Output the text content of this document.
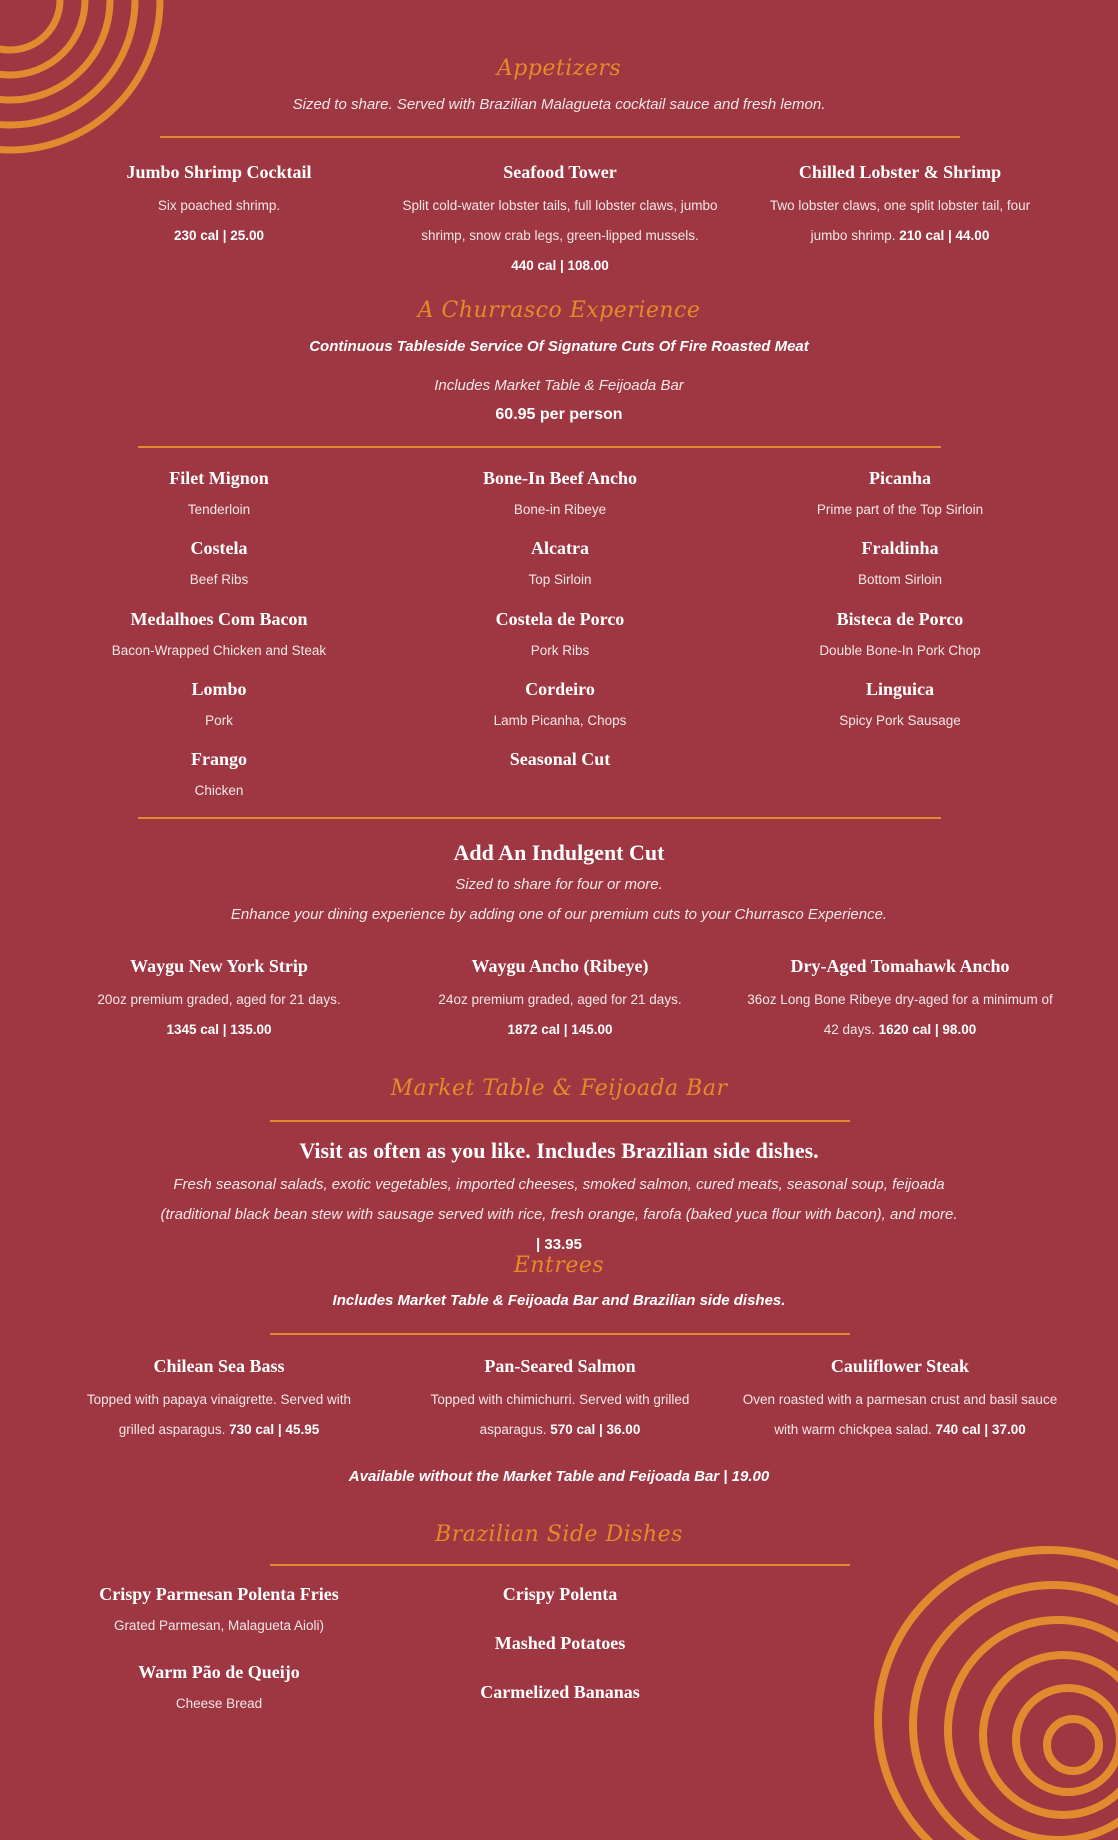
Appetizers
Sized to share. Served with Brazilian Malagueta cocktail sauce and fresh lemon.
Jumbo Shrimp Cocktail
Six poached shrimp.
230 cal | 25.00
Seafood Tower
Split cold-water lobster tails, full lobster claws, jumbo shrimp, snow crab legs, green-lipped mussels.
440 cal | 108.00
Chilled Lobster & Shrimp
Two lobster claws, one split lobster tail, four jumbo shrimp. 210 cal | 44.00
A Churrasco Experience
Continuous Tableside Service Of Signature Cuts Of Fire Roasted Meat
Includes Market Table & Feijoada Bar
60.95 per person
Filet Mignon
Tenderloin
Bone-In Beef Ancho
Bone-in Ribeye
Picanha
Prime part of the Top Sirloin
Costela
Beef Ribs
Alcatra
Top Sirloin
Fraldinha
Bottom Sirloin
Medalhoes Com Bacon
Bacon-Wrapped Chicken and Steak
Costela de Porco
Pork Ribs
Bisteca de Porco
Double Bone-In Pork Chop
Lombo
Pork
Cordeiro
Lamb Picanha, Chops
Linguica
Spicy Pork Sausage
Frango
Chicken
Seasonal Cut
Add An Indulgent Cut
Sized to share for four or more.
Enhance your dining experience by adding one of our premium cuts to your Churrasco Experience.
Waygu New York Strip
20oz premium graded, aged for 21 days.
1345 cal | 135.00
Waygu Ancho (Ribeye)
24oz premium graded, aged for 21 days.
1872 cal | 145.00
Dry-Aged Tomahawk Ancho
36oz Long Bone Ribeye dry-aged for a minimum of 42 days. 1620 cal | 98.00
Market Table & Feijoada Bar
Visit as often as you like. Includes Brazilian side dishes.
Fresh seasonal salads, exotic vegetables, imported cheeses, smoked salmon, cured meats, seasonal soup, feijoada (traditional black bean stew with sausage served with rice, fresh orange, farofa (baked yuca flour with bacon), and more. | 33.95
Entrees
Includes Market Table & Feijoada Bar and Brazilian side dishes.
Chilean Sea Bass
Topped with papaya vinaigrette. Served with grilled asparagus. 730 cal | 45.95
Pan-Seared Salmon
Topped with chimichurri. Served with grilled asparagus. 570 cal | 36.00
Cauliflower Steak
Oven roasted with a parmesan crust and basil sauce with warm chickpea salad. 740 cal | 37.00
Available without the Market Table and Feijoada Bar | 19.00
Brazilian Side Dishes
Crispy Parmesan Polenta Fries
Grated Parmesan, Malagueta Aioli)
Crispy Polenta
Warm Pão de Queijo
Cheese Bread
Mashed Potatoes
Carmelized Bananas
